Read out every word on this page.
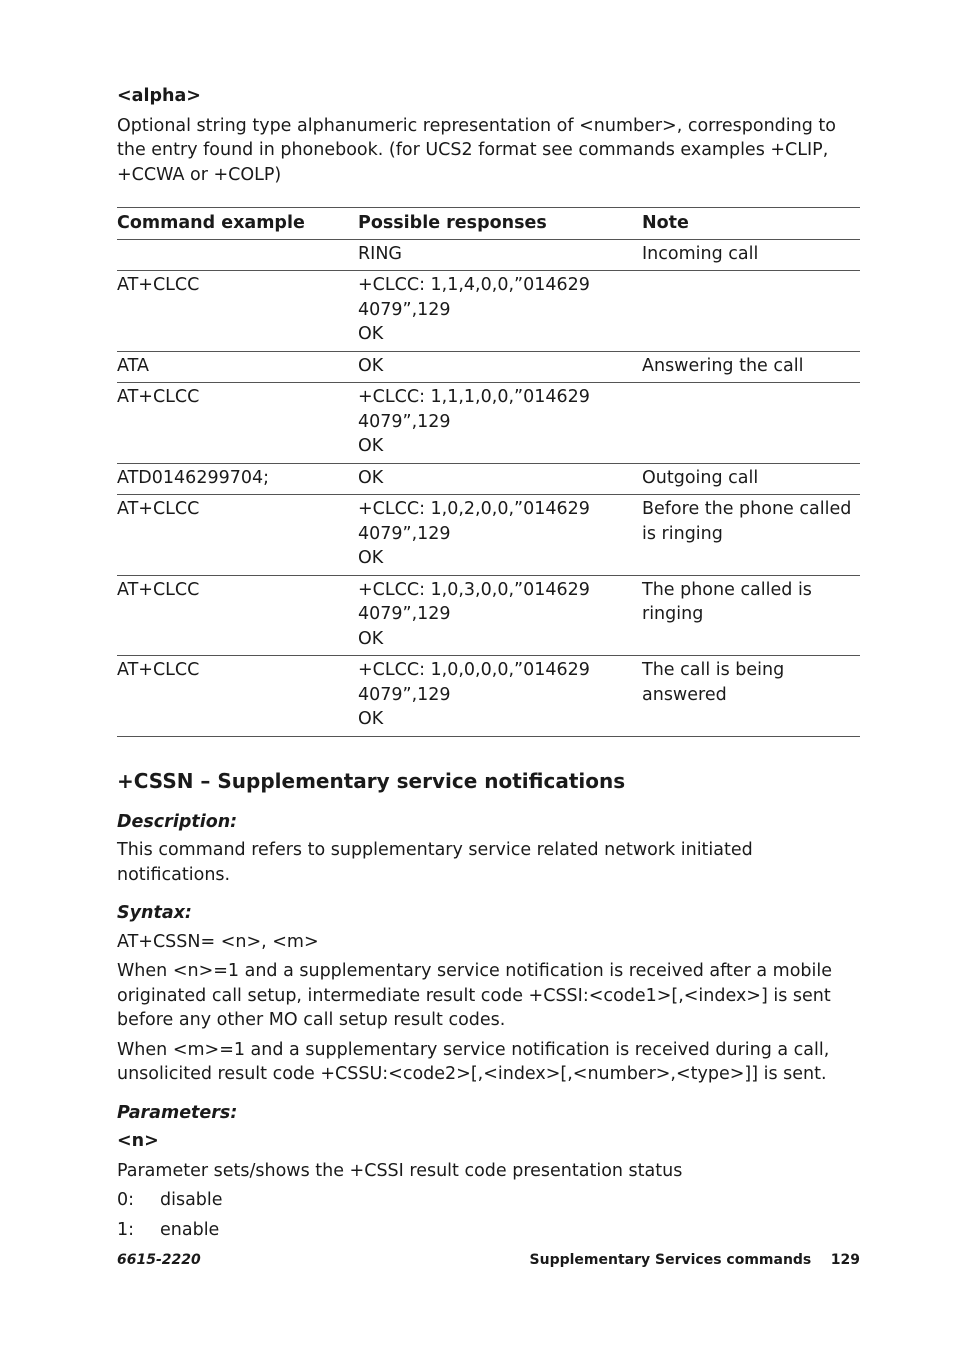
<alpha>

Optional string type alphanumeric representation of <number>, corresponding to the entry found in phonebook. (for UCS2 format see commands examples +CLIP, +CCWA or +COLP)

Command example	Possible responses	Note
	RING	Incoming call
AT+CLCC	+CLCC: 1,1,4,0,0,”014629
4079”,129
OK	
ATA	OK	Answering the call
AT+CLCC	+CLCC: 1,1,1,0,0,”014629
4079”,129
OK	
ATD0146299704;	OK	Outgoing call
AT+CLCC	+CLCC: 1,0,2,0,0,”014629
4079”,129
OK	Before the phone called is ringing
AT+CLCC	+CLCC: 1,0,3,0,0,”014629
4079”,129
OK	The phone called is ringing
AT+CLCC	+CLCC: 1,0,0,0,0,”014629
4079”,129
OK	The call is being answered
+CSSN – Supplementary service notifications

Description:

This command refers to supplementary service related network initiated notifications.

Syntax:

AT+CSSN= <n>, <m>

When <n>=1 and a supplementary service notification is received after a mobile originated call setup, intermediate result code +CSSI:<code1>[,<index>] is sent before any other MO call setup result codes.

When <m>=1 and a supplementary service notification is received during a call, unsolicited result code +CSSU:<code2>[,<index>[,<number>,<type>]] is sent.

Parameters:

<n>

Parameter sets/shows the +CSSI result code presentation status

0:	disable
1:	enable
6615-2220	Supplementary Services commands 129
